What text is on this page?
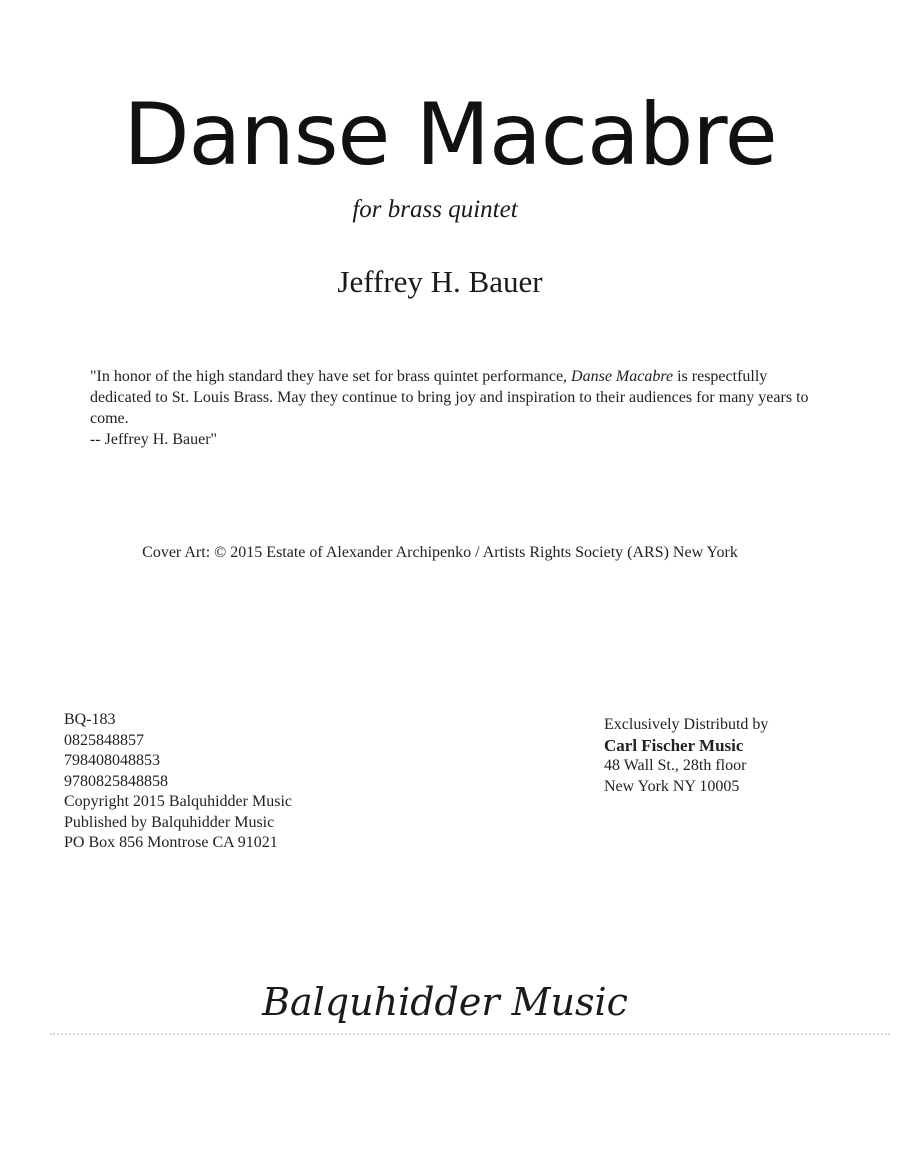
Danse Macabre
for brass quintet
Jeffrey H. Bauer
"In honor of the high standard they have set for brass quintet performance, Danse Macabre is respectfully dedicated to St. Louis Brass. May they continue to bring joy and inspiration to their audiences for many years to come.
-- Jeffrey H. Bauer"
Cover Art: © 2015 Estate of Alexander Archipenko / Artists Rights Society (ARS) New York
BQ-183
0825848857
798408048853
9780825848858
Copyright 2015 Balquhidder Music
Published by Balquhidder Music
PO Box 856 Montrose CA 91021
Exclusively Distributd by
Carl Fischer Music
48 Wall St., 28th floor
New York NY 10005
Balquhidder Music
